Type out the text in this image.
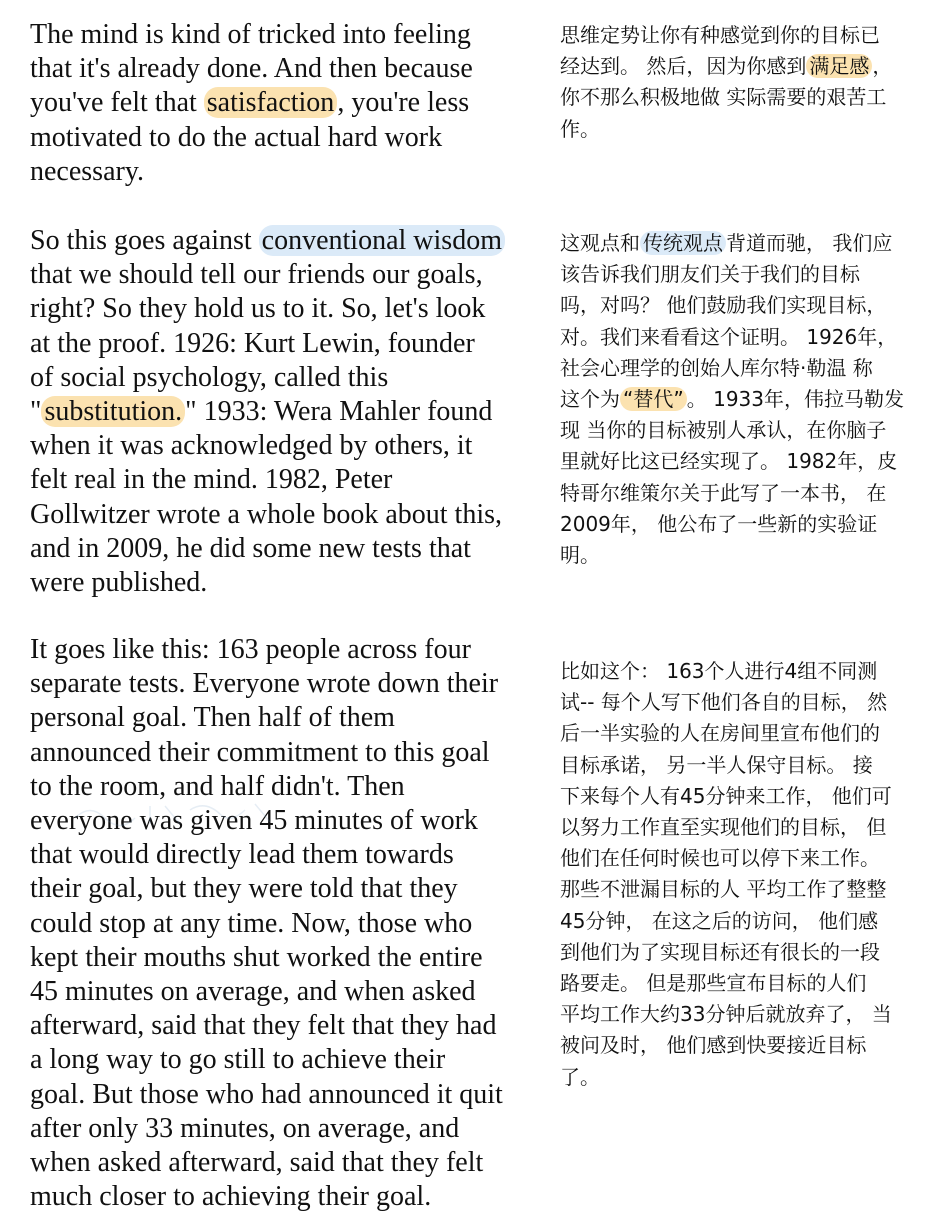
The mind is kind of tricked into feeling
that it's already done. And then because
you've felt that satisfaction , you're less
motivated to do the actual hard work
necessary.
So this goes against conventional wisdom
that we should tell our friends our goals,
right? So they hold us to it. So, let's look
at the proof. 1926: Kurt Lewin, founder
of social psychology, called this
" substitution. " 1933: Wera Mahler found
when it was acknowledged by others, it
felt real in the mind. 1982, Peter
Gollwitzer wrote a whole book about this,
and in 2009, he did some new tests that
were published.
It goes like this: 163 people across four
separate tests. Everyone wrote down their
personal goal. Then half of them
announced their commitment to this goal
to the room, and half didn't. Then
everyone was given 45 minutes of work
that would directly lead them towards
their goal, but they were told that they
could stop at any time. Now, those who
kept their mouths shut worked the entire
45 minutes on average, and when asked
afterward, said that they felt that they had
a long way to go still to achieve their
goal. But those who had announced it quit
after only 33 minutes, on average, and
when asked afterward, said that they felt
much closer to achieving their goal.
思维定势让你有种感觉到你的目标已
经达到。 然后，因为你感到 满足感 ，
你不那么积极地做 实际需要的艰苦工
作。
这观点和 传统观点 背道而驰， 我们应
该告诉我们朋友们关于我们的目标
吗，对吗？ 他们鼓励我们实现目标，
对。我们来看看这个证明。 1926年，
社会心理学的创始人库尔特·勒温 称
这个为 “替代” 。 1933年，伟拉马勒发
现 当你的目标被别人承认，在你脑子
里就好比这已经实现了。 1982年，皮
特哥尔维策尔关于此写了一本书， 在
2009年， 他公布了一些新的实验证
明。
比如这个： 163个人进行4组不同测
试-- 每个人写下他们各自的目标， 然
后一半实验的人在房间里宣布他们的
目标承诺， 另一半人保守目标。 接
下来每个人有45分钟来工作， 他们可
以努力工作直至实现他们的目标， 但
他们在任何时候也可以停下来工作。
那些不泄漏目标的人 平均工作了整整
45分钟， 在这之后的访问， 他们感
到他们为了实现目标还有很长的一段
路要走。 但是那些宣布目标的人们
平均工作大约33分钟后就放弃了， 当
被问及时， 他们感到快要接近目标
了。
